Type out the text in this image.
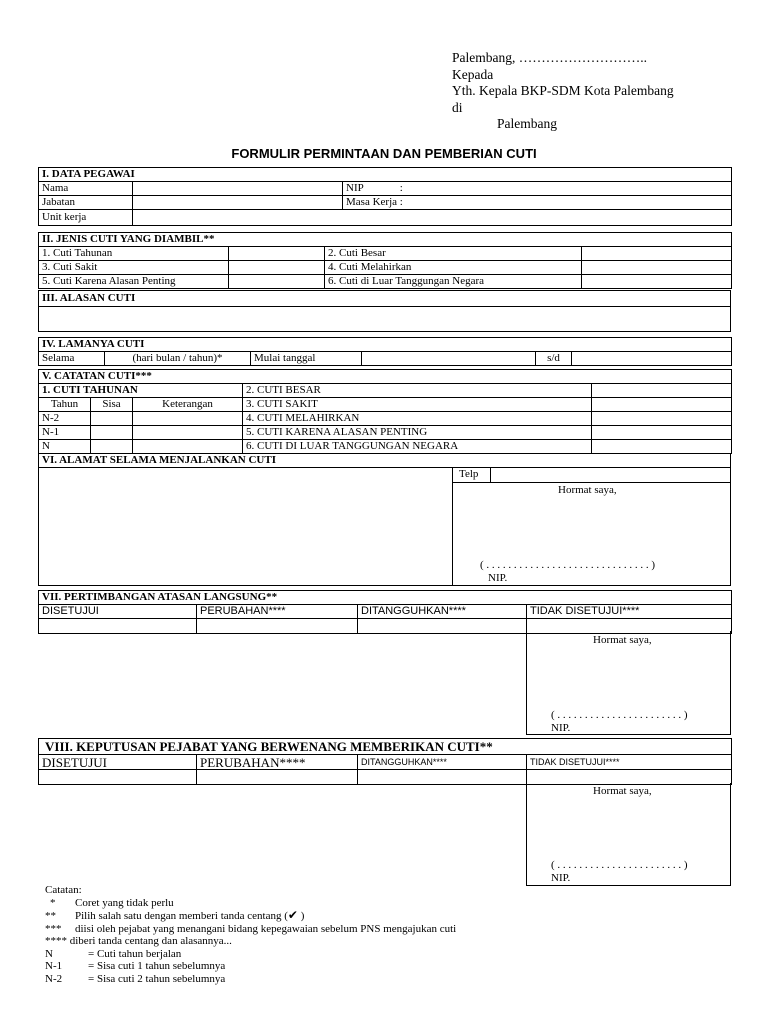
Palembang, ………………………..
Kepada
Yth. Kepala BKP-SDM Kota Palembang
di
Palembang
FORMULIR PERMINTAAN DAN PEMBERIAN CUTI
I. DATA PEGAWAI		
Nama		NIP :
Jabatan		Masa Kerja :
Unit kerja		
II. JENIS CUTI YANG DIAMBIL**			
1. Cuti Tahunan		2. Cuti Besar	
3. Cuti Sakit		4. Cuti Melahirkan	
5. Cuti Karena Alasan Penting		6. Cuti di Luar Tanggungan Negara	
III. ALASAN CUTI

IV. LAMANYA CUTI
Selama	(hari bulan / tahun)*	Mulai tanggal		s/d	
V. CATATAN CUTI***				
1. CUTI TAHUNAN			2. CUTI BESAR	
Tahun	Sisa	Keterangan	3. CUTI SAKIT	
N-2			4. CUTI MELAHIRKAN	
N-1			5. CUTI KARENA ALASAN PENTING	
N			6. CUTI DI LUAR TANGGUNGAN NEGARA	
VI. ALAMAT SELAMA MENJALANKAN CUTI
Telp
Hormat saya,
( . . . . . . . . . . . . . . . . . . . . . . . . . . . . . . )
NIP.
VII. PERTIMBANGAN ATASAN LANGSUNG**			
DISETUJUI	PERUBAHAN****	DITANGGUHKAN****	TIDAK DISETUJUI****

Hormat saya,
( . . . . . . . . . . . . . . . . . . . . . . . )
NIP.
VIII. KEPUTUSAN PEJABAT YANG BERWENANG MEMBERIKAN CUTI**			
DISETUJUI	PERUBAHAN****	DITANGGUHKAN****	TIDAK DISETUJUI****

Hormat saya,
( . . . . . . . . . . . . . . . . . . . . . . . )
NIP.
Catatan:
* Coret yang tidak perlu
** Pilih salah satu dengan memberi tanda centang (✔ )
*** diisi oleh pejabat yang menangani bidang kepegawaian sebelum PNS mengajukan cuti
**** diberi tanda centang dan alasannya...
N	= Cuti tahun berjalan
N-1 = Sisa cuti 1 tahun sebelumnya
N-2 = Sisa cuti 2 tahun sebelumnya
